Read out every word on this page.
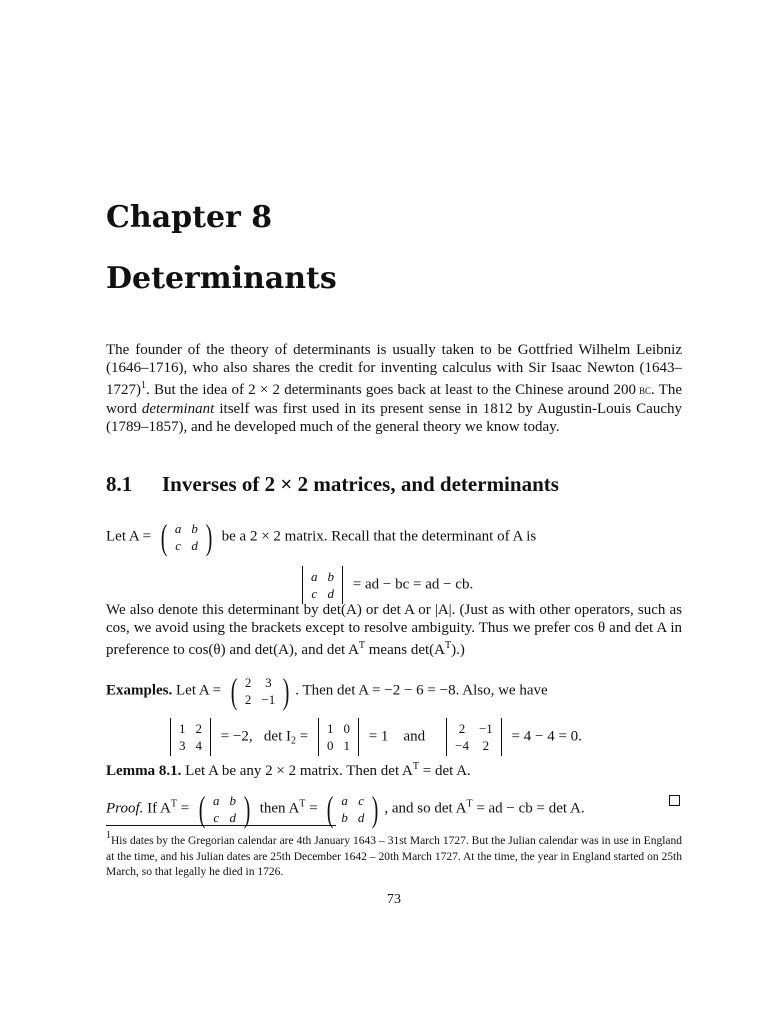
Chapter 8
Determinants

The founder of the theory of determinants is usually taken to be Gottfried Wilhelm Leibniz (1646–1716), who also shares the credit for inventing calculus with Sir Isaac Newton (1643–1727)$^1$. But the idea of 2 × 2 determinants goes back at least to the Chinese around 200  bc. The word determinant itself was first used in its present sense in 1812 by Augustin-Louis Cauchy (1789–1857), and he developed much of the general theory we know today.

8.1 Inverses of 2 × 2 matrices, and determinants
Let A = ( a	b
c	d ) be a 2 × 2 matrix. Recall that the determinant of A is
a	b
c	d
= ad − bc = ad − cb.

We also denote this determinant by det(A) or det A or |A|. (Just as with other operators, such as cos, we avoid using the brackets except to resolve ambiguity. Thus we prefer cos θ and det A in preference to cos(θ) and det(A), and $\det A^T$ means $\det(A^T)$.)

Examples. Let A = ( 2	3
2	−1 ) . Then det A = −2 − 6 = −8. Also, we have
1	2
3	4
= −2, $\det I_2 = 1$	0
0	1
= 1 and	2	−1
−4	2
= 4 − 4 = 0.
Lemma 8.1. Let A be any 2 × 2 matrix. Then $\det A^T = \det A$.
Proof. If $A^T$ = ( a	b
c	d ) then $A^T$ = ( a	c
b	d ) , and so $\det A^T$ = ad − cb = det A.

1His dates by the Gregorian calendar are 4th January 1643 – 31st March 1727. But the Julian calendar was in use in England at the time, and his Julian dates are 25th December 1642 – 20th March 1727. At the time, the year in England started on 25th March, so that legally he died in 1726.

73
